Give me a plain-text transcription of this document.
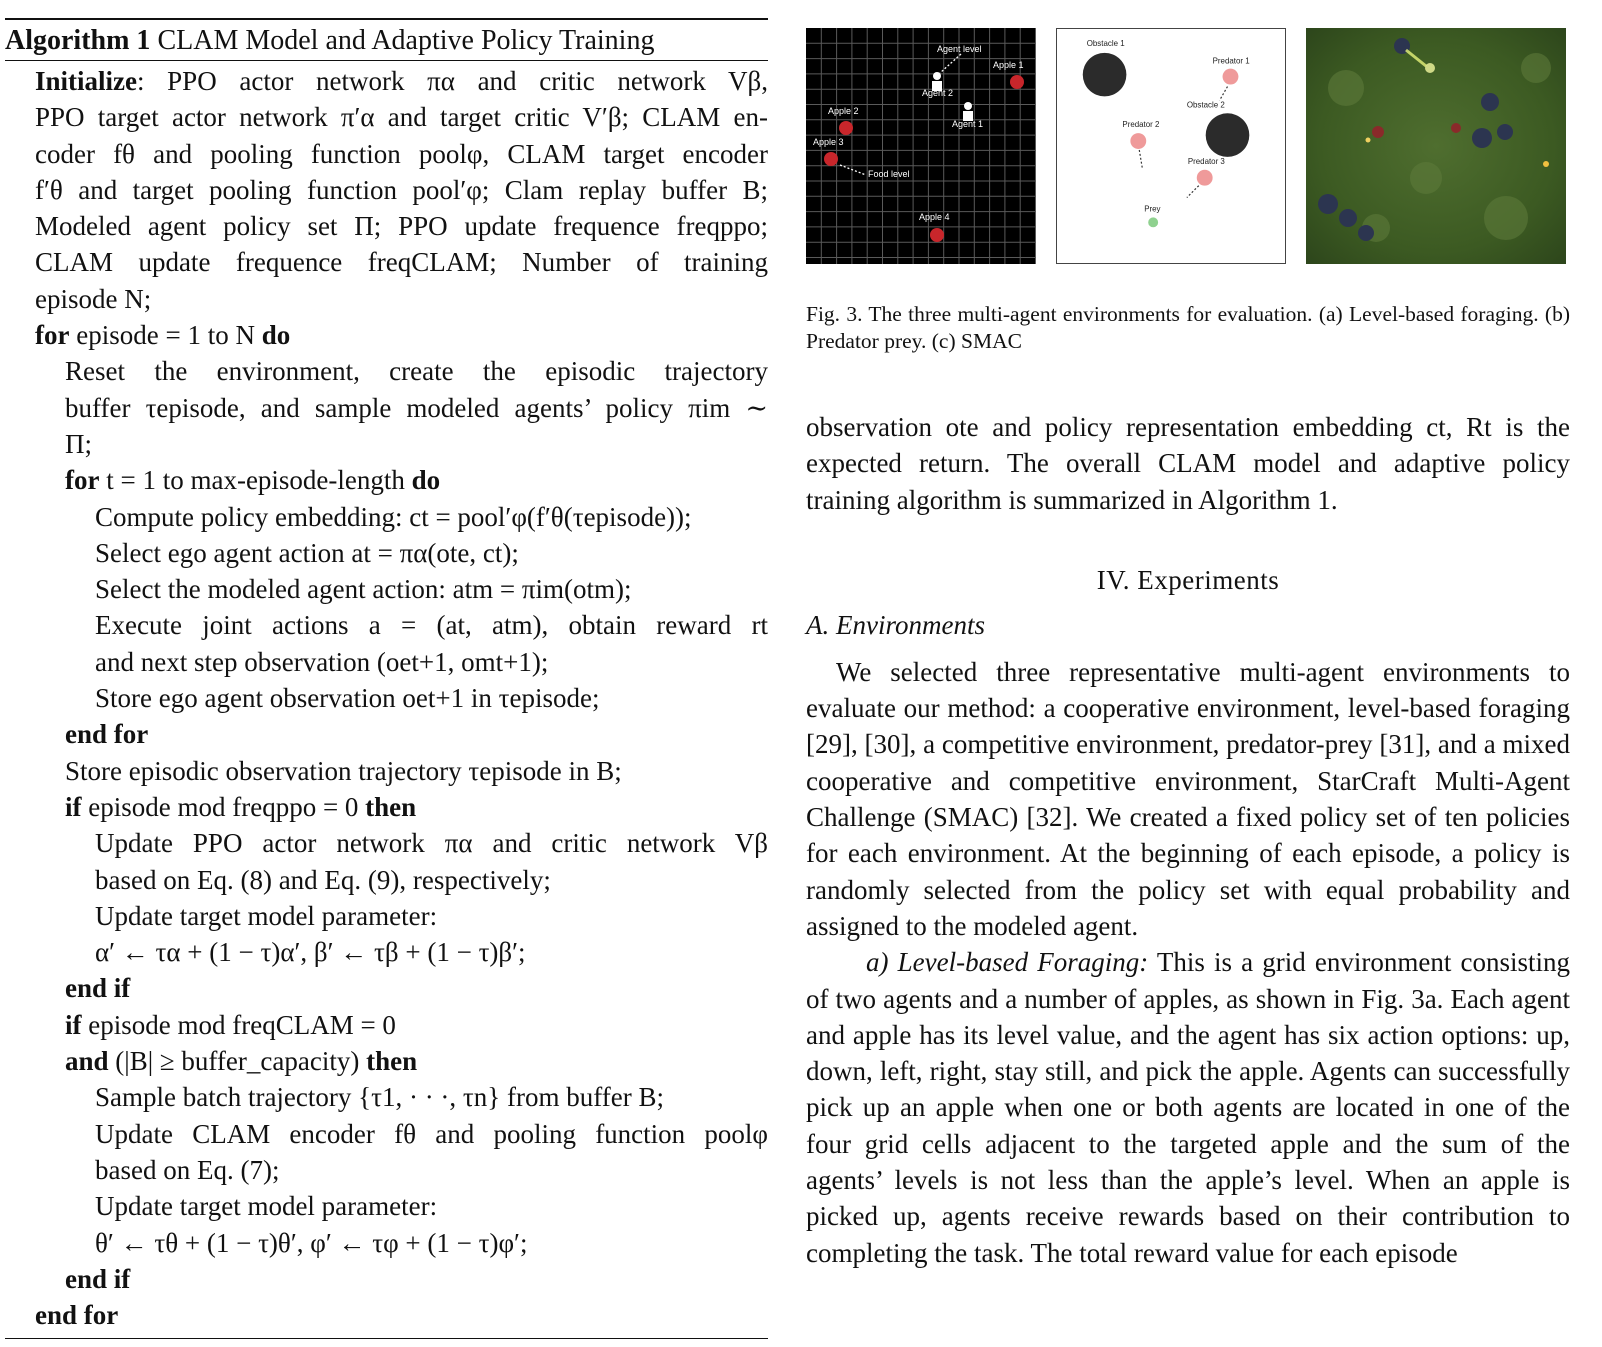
Algorithm 1 CLAM Model and Adaptive Policy Training
Initialize: PPO actor network πα and critic network Vβ,
PPO target actor network π′α and target critic V′β; CLAM en-
coder fθ and pooling function poolφ, CLAM target encoder
f′θ and target pooling function pool′φ; Clam replay buffer B;
Modeled agent policy set Π; PPO update frequence freqppo;
CLAM update frequence freqCLAM; Number of training
episode N;
for episode = 1 to N do
Reset the environment, create the episodic trajectory
buffer τepisode, and sample modeled agents’ policy πim ∼
Π;
for t = 1 to max-episode-length do
Compute policy embedding: ct = pool′φ(f′θ(τepisode));
Select ego agent action at = πα(ote, ct);
Select the modeled agent action: atm = πim(otm);
Execute joint actions a = (at, atm), obtain reward rt
and next step observation (oet+1, omt+1);
Store ego agent observation oet+1 in τepisode;
end for
Store episodic observation trajectory τepisode in B;
if episode mod freqppo = 0 then
Update PPO actor network πα and critic network Vβ
based on Eq. (8) and Eq. (9), respectively;
Update target model parameter:
α′ ← τα + (1 − τ)α′, β′ ← τβ + (1 − τ)β′;
end if
if episode mod freqCLAM = 0
and (|B| ≥ buffer_capacity) then
Sample batch trajectory {τ1, · · ·, τn} from buffer B;
Update CLAM encoder fθ and pooling function poolφ
based on Eq. (7);
Update target model parameter:
θ′ ← τθ + (1 − τ)θ′, φ′ ← τφ + (1 − τ)φ′;
end if
end for
Agent level
Apple 1
Agent 2
Apple 2
Agent 1
Apple 3
Food level
Apple 4
Obstacle 1
Predator 1
Obstacle 2
Predator 2
Predator 3
Prey
Fig. 3. The three multi-agent environments for evaluation. (a) Level-based foraging. (b) Predator prey. (c) SMAC
observation ote and policy representation embedding ct, Rt is the expected return. The overall CLAM model and adaptive policy training algorithm is summarized in Algorithm 1.
IV. Experiments
A. Environments
We selected three representative multi-agent environments to evaluate our method: a cooperative environment, level-based foraging [29], [30], a competitive environment, predator-prey [31], and a mixed cooperative and competitive environment, StarCraft Multi-Agent Challenge (SMAC) [32]. We created a fixed policy set of ten policies for each environment. At the beginning of each episode, a policy is randomly selected from the policy set with equal probability and assigned to the modeled agent.
a) Level-based Foraging: This is a grid environment consisting of two agents and a number of apples, as shown in Fig. 3a. Each agent and apple has its level value, and the agent has six action options: up, down, left, right, stay still, and pick the apple. Agents can successfully pick up an apple when one or both agents are located in one of the four grid cells adjacent to the targeted apple and the sum of the agents’ levels is not less than the apple’s level. When an apple is picked up, agents receive rewards based on their contribution to completing the task. The total reward value for each episode
